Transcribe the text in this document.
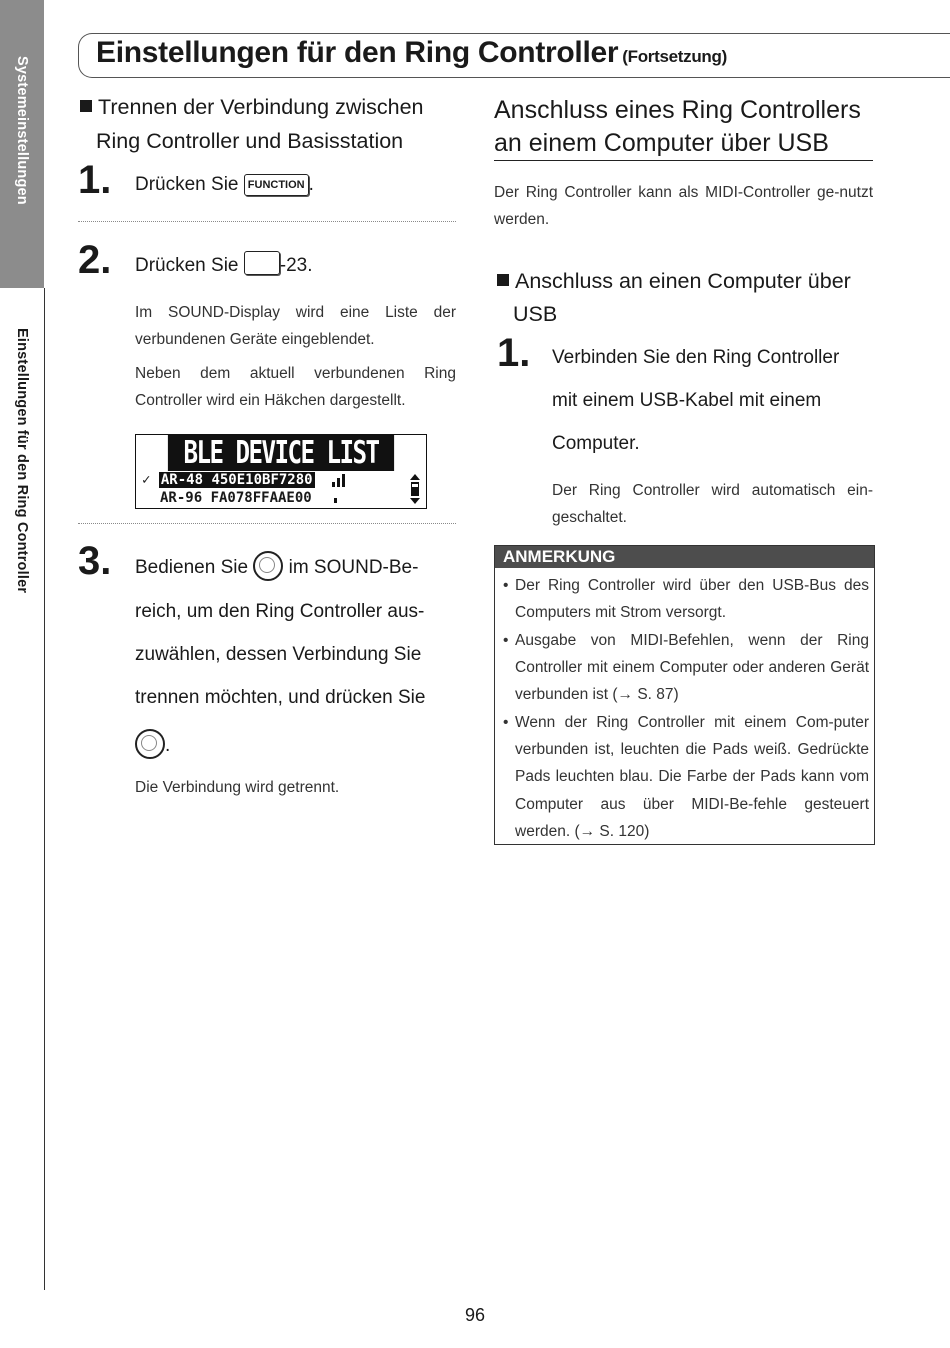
Systemeinstellungen
Einstellungen für den Ring Controller
Einstellungen für den Ring Controller (Fortsetzung)
Trennen der Verbindung zwischen
Ring Controller und Basisstation
1. Drücken Sie FUNCTION .
2. Drücken Sie -23.
Im SOUND-Display wird eine Liste der verbundenen Geräte eingeblendet.
Neben dem aktuell verbundenen Ring Controller wird ein Häkchen dargestellt.
BLE DEVICE LIST
✓ AR-48 450E10BF7280
AR-96 FA078FFAAE00
3. Bedienen Sie im SOUND-Be-
reich, um den Ring Controller aus-
zuwählen, dessen Verbindung Sie
trennen möchten, und drücken Sie
.
Die Verbindung wird getrennt.
Anschluss eines Ring Controllers
an einem Computer über USB
Der Ring Controller kann als MIDI-Controller ge-nutzt werden.
Anschluss an einen Computer über
USB
1. Verbinden Sie den Ring Controller
mit einem USB-Kabel mit einem
Computer.
Der Ring Controller wird automatisch ein-geschaltet.
ANMERKUNG
• Der Ring Controller wird über den USB-Bus des Computers mit Strom versorgt.
• Ausgabe von MIDI-Befehlen, wenn der Ring Controller mit einem Computer oder anderen Gerät verbunden ist (→ S. 87)
• Wenn der Ring Controller mit einem Com-puter verbunden ist, leuchten die Pads weiß. Gedrückte Pads leuchten blau. Die Farbe der Pads kann vom Computer aus über MIDI-Be-fehle gesteuert werden. (→ S. 120)
96
